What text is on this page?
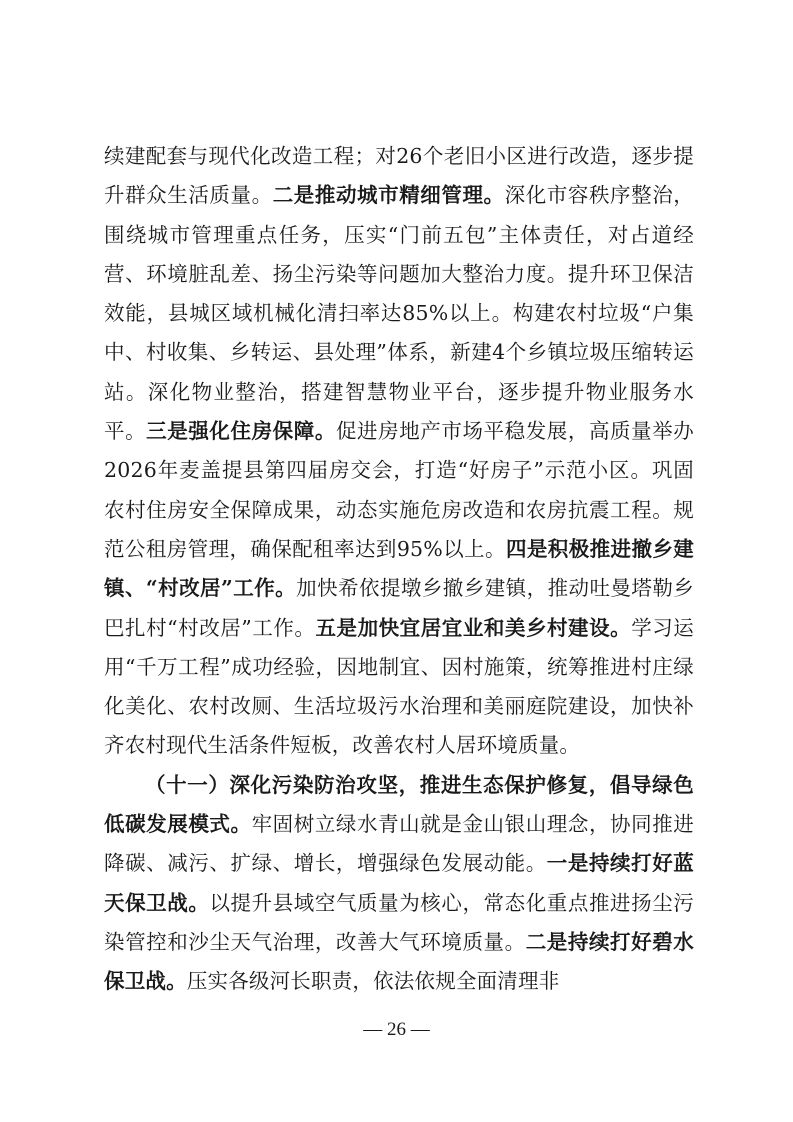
续建配套与现代化改造工程；对26个老旧小区进行改造，逐步提升群众生活质量。二是推动城市精细管理。深化市容秩序整治，围绕城市管理重点任务，压实“门前五包”主体责任，对占道经营、环境脏乱差、扬尘污染等问题加大整治力度。提升环卫保洁效能，县城区域机械化清扫率达85%以上。构建农村垃圾“户集中、村收集、乡转运、县处理”体系，新建4个乡镇垃圾压缩转运站。深化物业整治，搭建智慧物业平台，逐步提升物业服务水平。三是强化住房保障。促进房地产市场平稳发展，高质量举办2026年麦盖提县第四届房交会，打造“好房子”示范小区。巩固农村住房安全保障成果，动态实施危房改造和农房抗震工程。规范公租房管理，确保配租率达到95%以上。四是积极推进撤乡建镇、“村改居”工作。加快希依提墩乡撤乡建镇，推动吐曼塔勒乡巴扎村“村改居”工作。五是加快宜居宜业和美乡村建设。学习运用“千万工程”成功经验，因地制宜、因村施策，统筹推进村庄绿化美化、农村改厕、生活垃圾污水治理和美丽庭院建设，加快补齐农村现代生活条件短板，改善农村人居环境质量。

（十一）深化污染防治攻坚，推进生态保护修复，倡导绿色低碳发展模式。牢固树立绿水青山就是金山银山理念，协同推进降碳、减污、扩绿、增长，增强绿色发展动能。一是持续打好蓝天保卫战。以提升县域空气质量为核心，常态化重点推进扬尘污染管控和沙尘天气治理，改善大气环境质量。二是持续打好碧水保卫战。压实各级河长职责，依法依规全面清理非

— 26 —
